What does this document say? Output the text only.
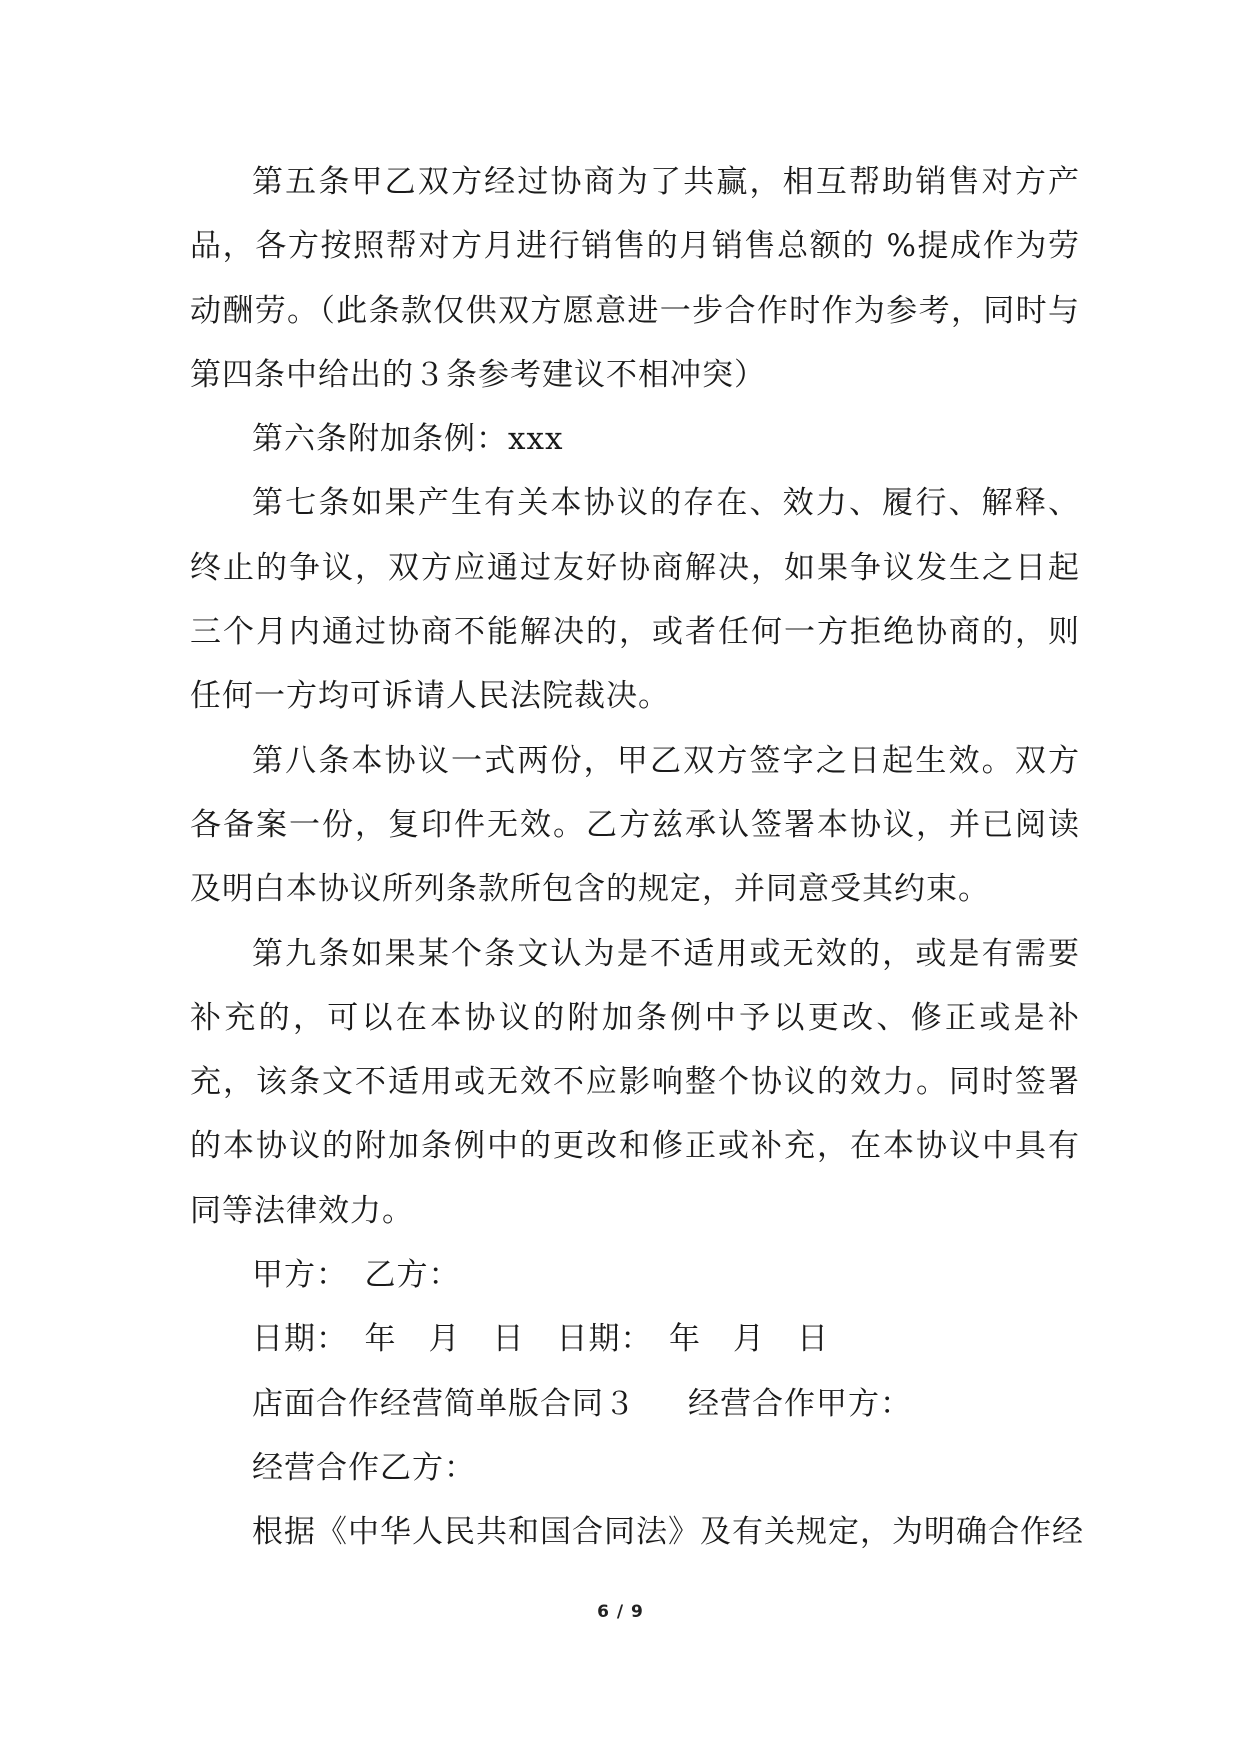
第五条甲乙双方经过协商为了共赢，相互帮助销售对方产品，各方按照帮对方月进行销售的月销售总额的 %提成作为劳动酬劳。（此条款仅供双方愿意进一步合作时作为参考，同时与第四条中给出的３条参考建议不相冲突）

第六条附加条例：xxx

第七条如果产生有关本协议的存在、效力、履行、解释、终止的争议，双方应通过友好协商解决，如果争议发生之日起三个月内通过协商不能解决的，或者任何一方拒绝协商的，则任何一方均可诉请人民法院裁决。

第八条本协议一式两份，甲乙双方签字之日起生效。双方各备案一份，复印件无效。乙方兹承认签署本协议，并已阅读及明白本协议所列条款所包含的规定，并同意受其约束。

第九条如果某个条文认为是不适用或无效的，或是有需要补充的，可以在本协议的附加条例中予以更改、修正或是补充，该条文不适用或无效不应影响整个协议的效力。同时签署的本协议的附加条例中的更改和修正或补充，在本协议中具有同等法律效力。

甲方：　乙方：

日期：　年　月　日　日期：　年　月　日

店面合作经营简单版合同３ 经营合作甲方：

经营合作乙方：

根据《中华人民共和国合同法》及有关规定，为明确合作经

6 / 9
